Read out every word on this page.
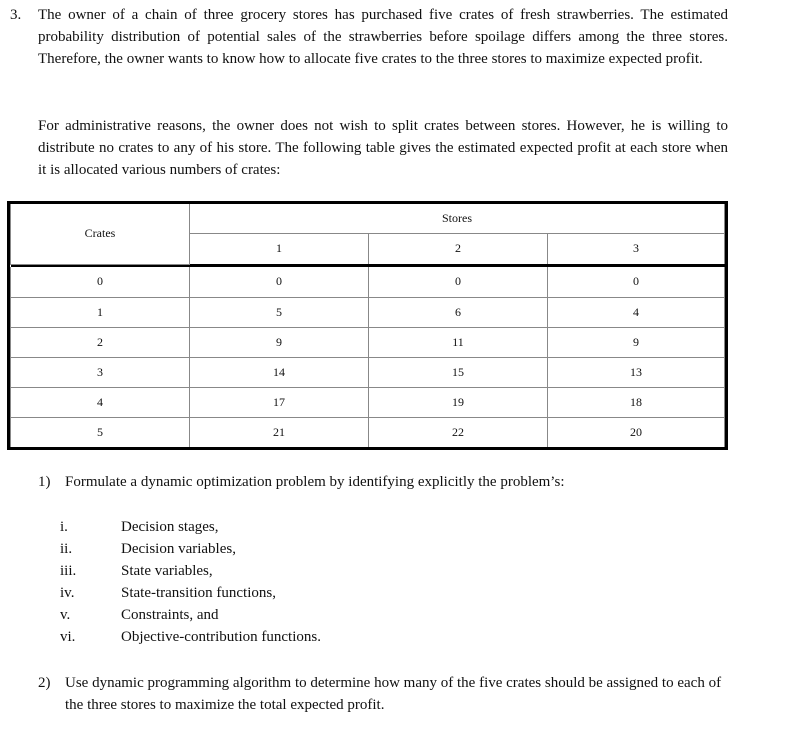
3. The owner of a chain of three grocery stores has purchased five crates of fresh strawberries. The estimated probability distribution of potential sales of the strawberries before spoilage differs among the three stores. Therefore, the owner wants to know how to allocate five crates to the three stores to maximize expected profit.

For administrative reasons, the owner does not wish to split crates between stores. However, he is willing to distribute no crates to any of his store. The following table gives the estimated expected profit at each store when it is allocated various numbers of crates:

Crates	Stores		
	1	2	3

0	0	0	0
1	5	6	4
2	9	11	9
3	14	15	13
4	17	19	18
5	21	22	20
1) Formulate a dynamic optimization problem by identifying explicitly the problem’s:
i.	Decision stages,
ii.	Decision variables,
iii.	State variables,
iv.	State-transition functions,
v.	Constraints, and
vi.	Objective-contribution functions.
2) Use dynamic programming algorithm to determine how many of the five crates should be assigned to each of the three stores to maximize the total expected profit.
